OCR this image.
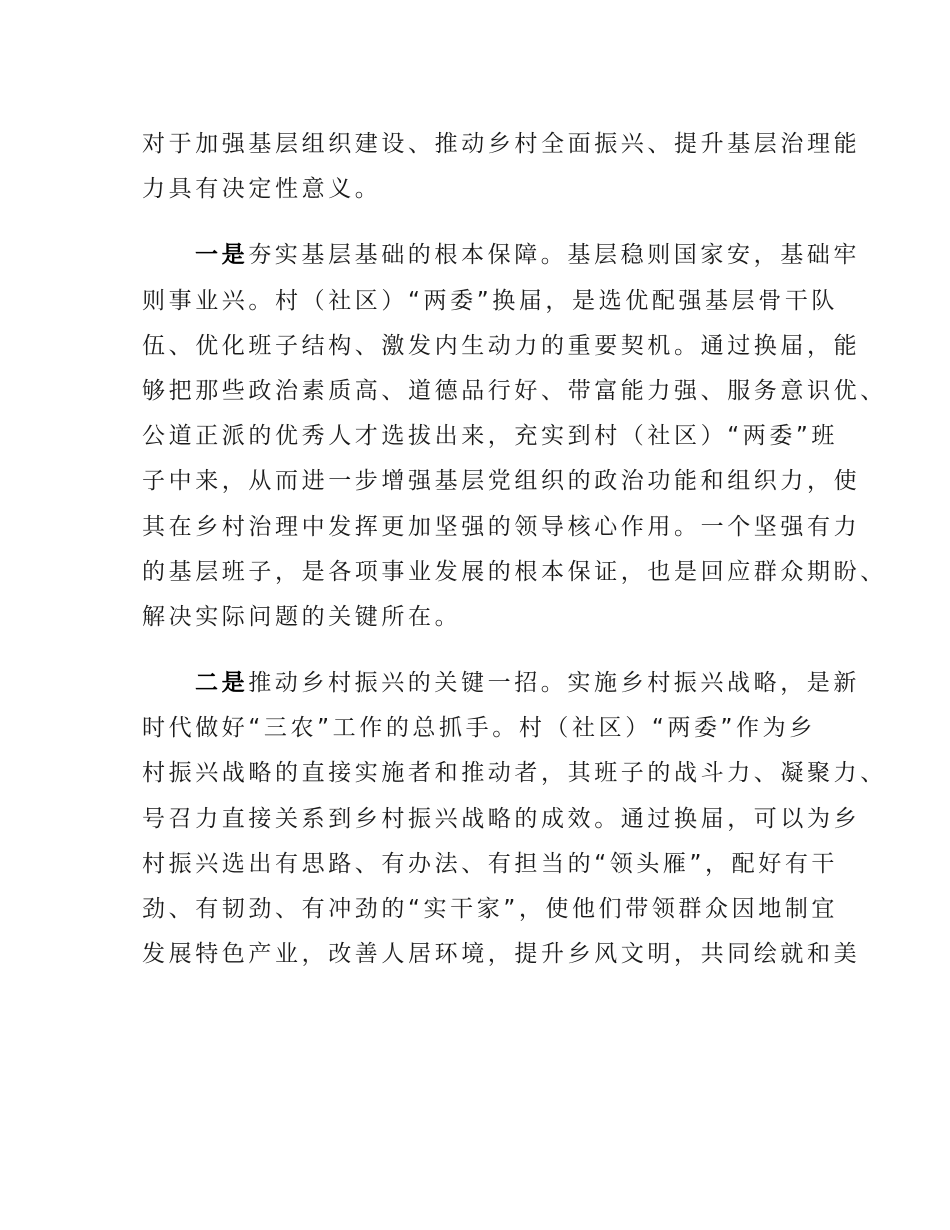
对于加强基层组织建设、推动乡村全面振兴、提升基层治理能
力具有决定性意义。
一是夯实基层基础的根本保障。基层稳则国家安，基础牢
则事业兴。村（社区）“两委”换届，是选优配强基层骨干队
伍、优化班子结构、激发内生动力的重要契机。通过换届，能
够把那些政治素质高、道德品行好、带富能力强、服务意识优、
公道正派的优秀人才选拔出来，充实到村（社区）“两委”班
子中来，从而进一步增强基层党组织的政治功能和组织力，使
其在乡村治理中发挥更加坚强的领导核心作用。一个坚强有力
的基层班子，是各项事业发展的根本保证，也是回应群众期盼、
解决实际问题的关键所在。
二是推动乡村振兴的关键一招。实施乡村振兴战略，是新
时代做好“三农”工作的总抓手。村（社区）“两委”作为乡
村振兴战略的直接实施者和推动者，其班子的战斗力、凝聚力、
号召力直接关系到乡村振兴战略的成效。通过换届，可以为乡
村振兴选出有思路、有办法、有担当的“领头雁”，配好有干
劲、有韧劲、有冲劲的“实干家”，使他们带领群众因地制宜
发展特色产业，改善人居环境，提升乡风文明，共同绘就和美
